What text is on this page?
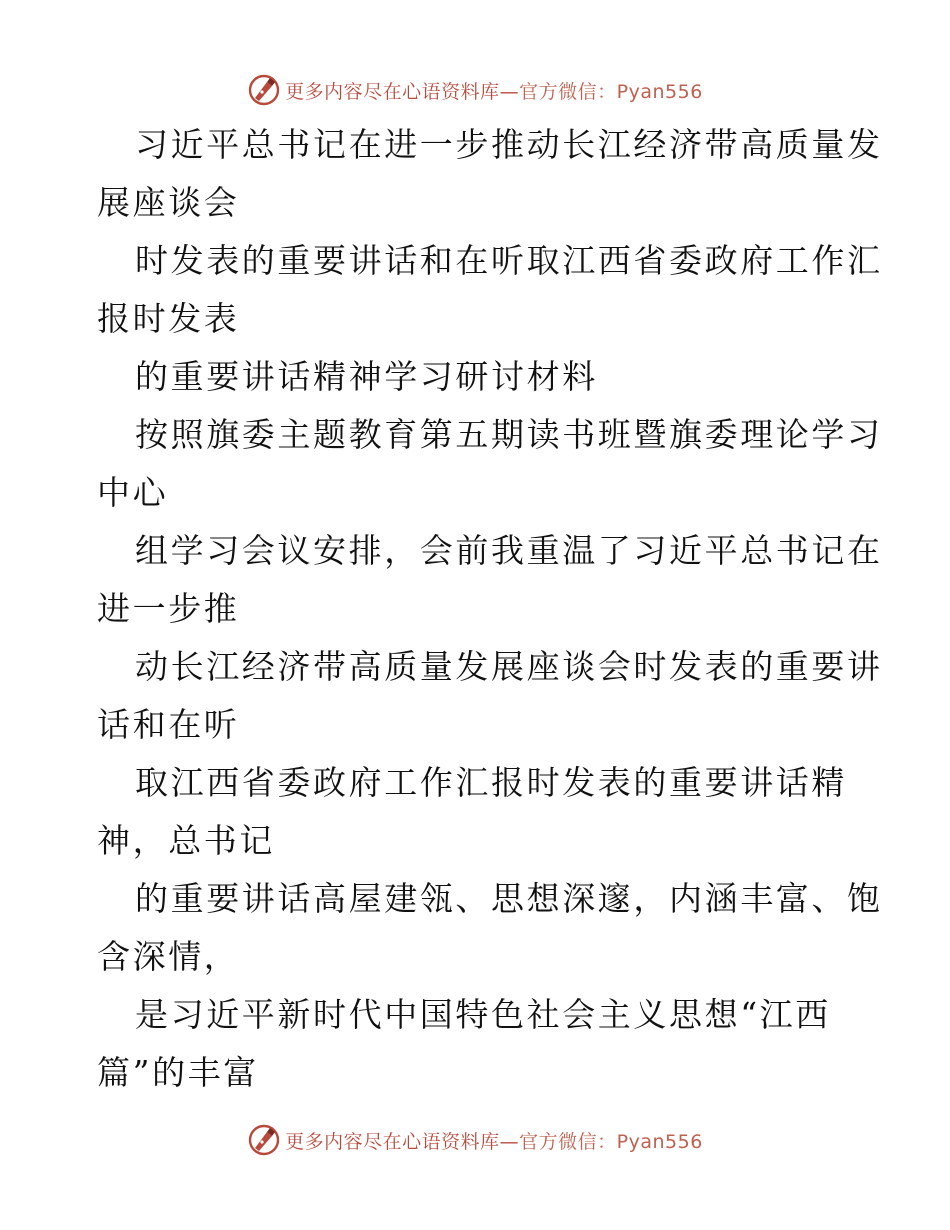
更多内容尽在心语资料库—官方微信：Pyan556
习近平总书记在进一步推动长江经济带高质量发
展座谈会
时发表的重要讲话和在听取江西省委政府工作汇
报时发表
的重要讲话精神学习研讨材料
按照旗委主题教育第五期读书班暨旗委理论学习
中心
组学习会议安排，会前我重温了习近平总书记在
进一步推
动长江经济带高质量发展座谈会时发表的重要讲
话和在听
取江西省委政府工作汇报时发表的重要讲话精
神，总书记
的重要讲话高屋建瓴、思想深邃，内涵丰富、饱
含深情，
是习近平新时代中国特色社会主义思想“江西
篇”的丰富
更多内容尽在心语资料库—官方微信：Pyan556
